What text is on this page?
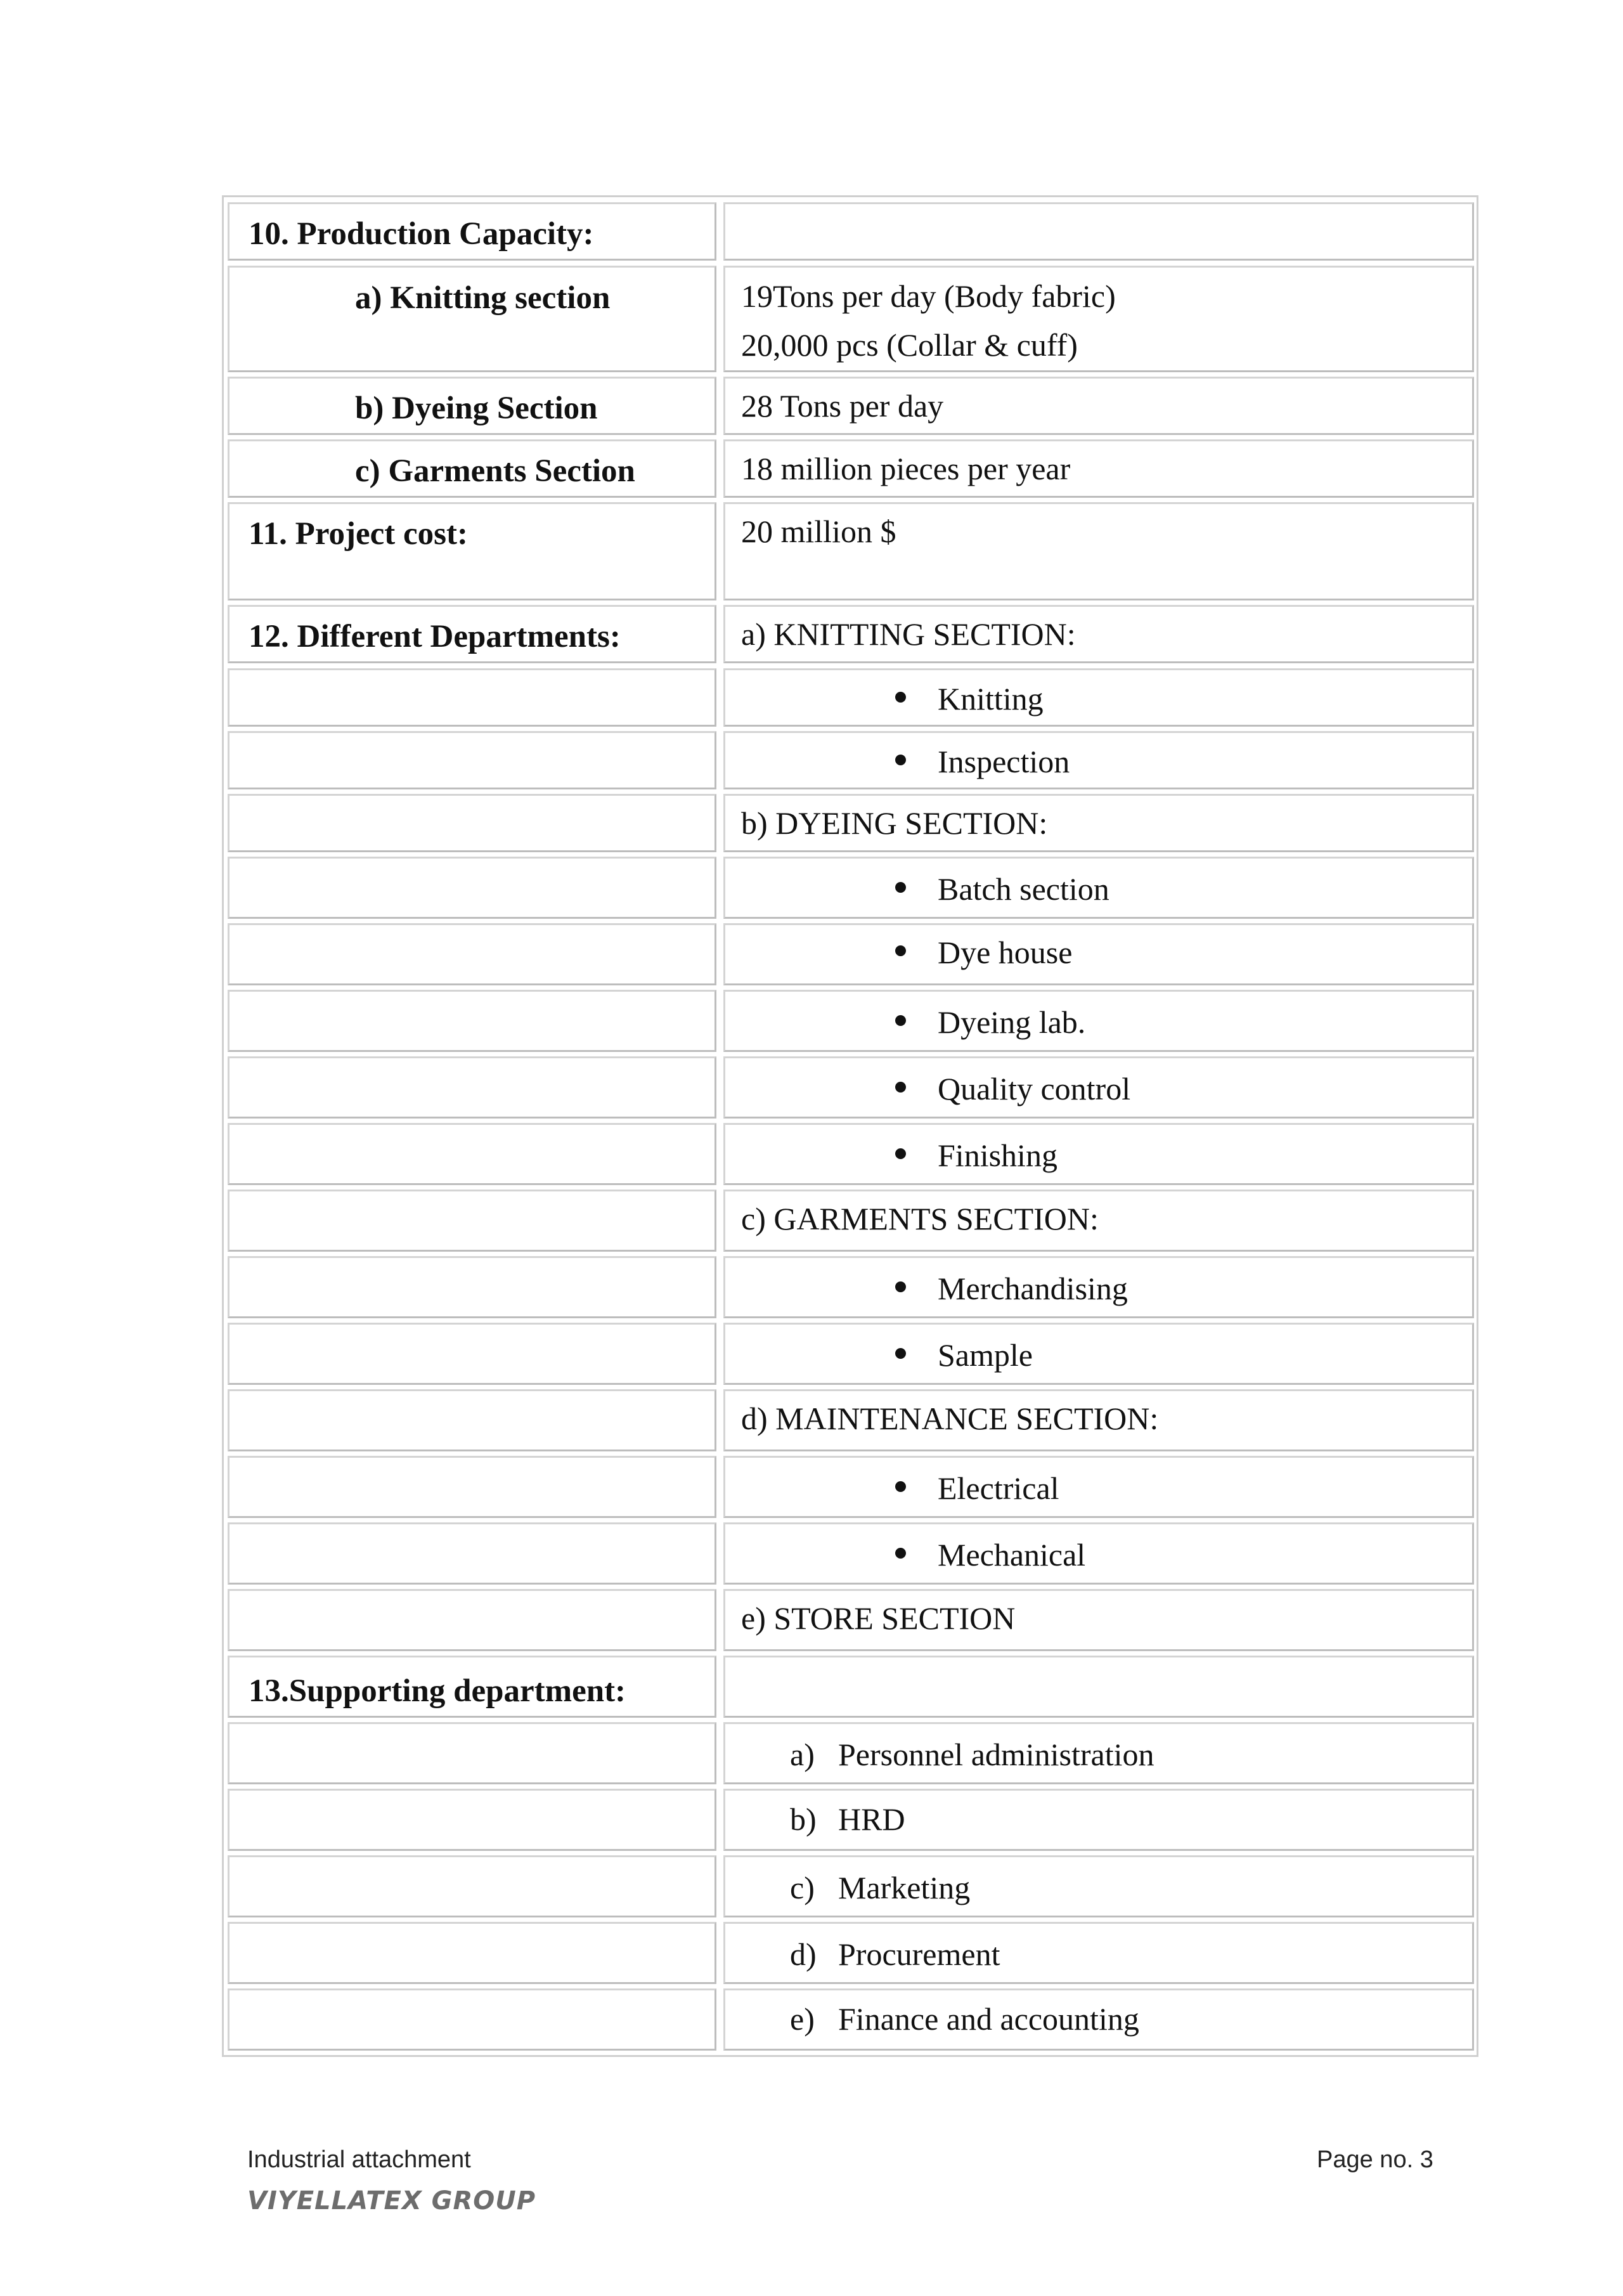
10. Production Capacity:
a) Knitting section	19Tons per day (Body fabric)
20,000 pcs (Collar & cuff)
b) Dyeing Section	28 Tons per day
c) Garments Section	18 million pieces per year
11. Project cost:	20 million $
12. Different Departments:	a) KNITTING SECTION:
Knitting
Inspection
b) DYEING SECTION:
Batch section
Dye house
Dyeing lab.
Quality control
Finishing
c) GARMENTS SECTION:
Merchandising
Sample
d) MAINTENANCE SECTION:
Electrical
Mechanical
e) STORE SECTION
13.Supporting department:
a) Personnel administration
b) HRD
c) Marketing
d) Procurement
e) Finance and accounting
Industrial attachment	Page no. 3
VIYELLATEX GROUP
